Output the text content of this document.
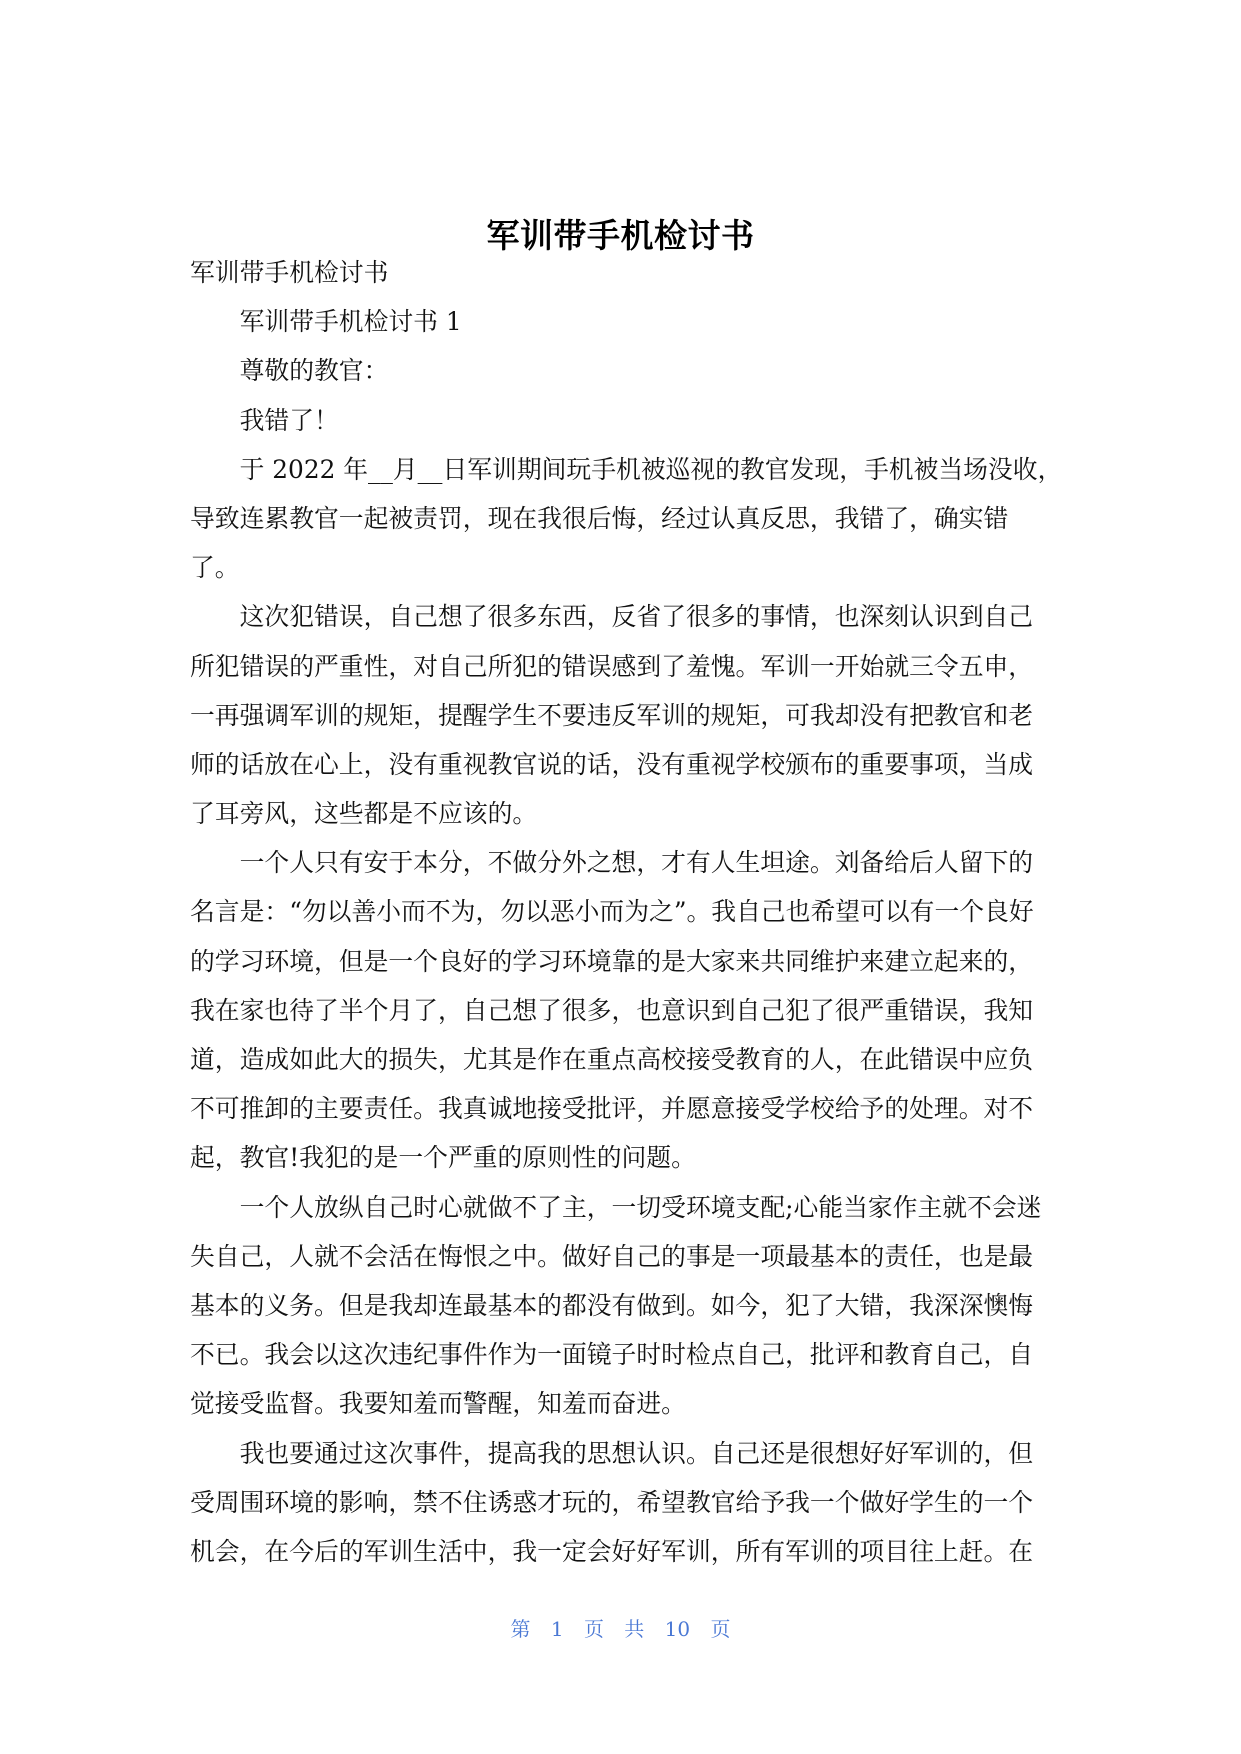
军训带手机检讨书
军训带手机检讨书
军训带手机检讨书 1
尊敬的教官：
我错了！
于 2022 年__月__日军训期间玩手机被巡视的教官发现，手机被当场没收，
导致连累教官一起被责罚，现在我很后悔，经过认真反思，我错了，确实错
了。
这次犯错误，自己想了很多东西，反省了很多的事情，也深刻认识到自己
所犯错误的严重性，对自己所犯的错误感到了羞愧。军训一开始就三令五申，
一再强调军训的规矩，提醒学生不要违反军训的规矩，可我却没有把教官和老
师的话放在心上，没有重视教官说的话，没有重视学校颁布的重要事项，当成
了耳旁风，这些都是不应该的。
一个人只有安于本分，不做分外之想，才有人生坦途。刘备给后人留下的
名言是：“勿以善小而不为，勿以恶小而为之”。我自己也希望可以有一个良好
的学习环境，但是一个良好的学习环境靠的是大家来共同维护来建立起来的，
我在家也待了半个月了，自己想了很多，也意识到自己犯了很严重错误，我知
道，造成如此大的损失，尤其是作在重点高校接受教育的人，在此错误中应负
不可推卸的主要责任。我真诚地接受批评，并愿意接受学校给予的处理。对不
起，教官!我犯的是一个严重的原则性的问题。
一个人放纵自己时心就做不了主，一切受环境支配;心能当家作主就不会迷
失自己，人就不会活在悔恨之中。做好自己的事是一项最基本的责任，也是最
基本的义务。但是我却连最基本的都没有做到。如今，犯了大错，我深深懊悔
不已。我会以这次违纪事件作为一面镜子时时检点自己，批评和教育自己，自
觉接受监督。我要知羞而警醒，知羞而奋进。
我也要通过这次事件，提高我的思想认识。自己还是很想好好军训的，但
受周围环境的影响，禁不住诱惑才玩的，希望教官给予我一个做好学生的一个
机会，在今后的军训生活中，我一定会好好军训，所有军训的项目往上赶。在
第 1 页 共 10 页
